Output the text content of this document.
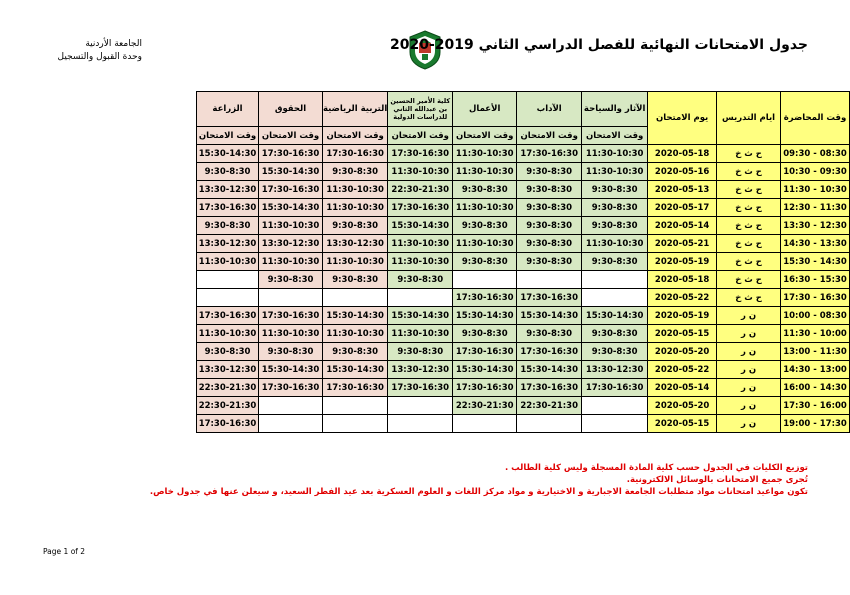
الجامعة الأردنية
وحدة القبول والتسجيل
جدول الامتحانات النهائية للفصل الدراسي الثاني 2019-2020
وقت المحاضرة	ايام التدريس	يوم الامتحان	الآثار والسياحة	الآداب	الأعمال	كلية الأمير الحسين بن عبدالله الثاني للدراسات الدولية	التربية الرياضية	الحقوق	الزراعة
			وقت الامتحان	وقت الامتحان	وقت الامتحان	وقت الامتحان	وقت الامتحان	وقت الامتحان	وقت الامتحان
08:30 - 09:30	ح ث خ	2020-05-18	11:30-10:30	17:30-16:30	11:30-10:30	17:30-16:30	17:30-16:30	17:30-16:30	15:30-14:30
09:30 - 10:30	ح ث خ	2020-05-16	11:30-10:30	9:30-8:30	11:30-10:30	11:30-10:30	9:30-8:30	15:30-14:30	9:30-8:30
10:30 - 11:30	ح ث خ	2020-05-13	9:30-8:30	9:30-8:30	9:30-8:30	22:30-21:30	11:30-10:30	17:30-16:30	13:30-12:30
11:30 - 12:30	ح ث خ	2020-05-17	9:30-8:30	9:30-8:30	11:30-10:30	17:30-16:30	11:30-10:30	15:30-14:30	17:30-16:30
12:30 - 13:30	ح ث خ	2020-05-14	9:30-8:30	9:30-8:30	9:30-8:30	15:30-14:30	9:30-8:30	11:30-10:30	9:30-8:30
13:30 - 14:30	ح ث خ	2020-05-21	11:30-10:30	9:30-8:30	11:30-10:30	11:30-10:30	13:30-12:30	13:30-12:30	13:30-12:30
14:30 - 15:30	ح ث خ	2020-05-19	9:30-8:30	9:30-8:30	9:30-8:30	11:30-10:30	11:30-10:30	11:30-10:30	11:30-10:30
15:30 - 16:30	ح ث خ	2020-05-18				9:30-8:30	9:30-8:30	9:30-8:30	
16:30 - 17:30	ح ث خ	2020-05-22		17:30-16:30	17:30-16:30				
08:30 - 10:00	ن ر	2020-05-19	15:30-14:30	15:30-14:30	15:30-14:30	15:30-14:30	15:30-14:30	17:30-16:30	17:30-16:30
10:00 - 11:30	ن ر	2020-05-15	9:30-8:30	9:30-8:30	9:30-8:30	11:30-10:30	11:30-10:30	11:30-10:30	11:30-10:30
11:30 - 13:00	ن ر	2020-05-20	9:30-8:30	17:30-16:30	17:30-16:30	9:30-8:30	9:30-8:30	9:30-8:30	9:30-8:30
13:00 - 14:30	ن ر	2020-05-22	13:30-12:30	15:30-14:30	15:30-14:30	13:30-12:30	15:30-14:30	15:30-14:30	13:30-12:30
14:30 - 16:00	ن ر	2020-05-14	17:30-16:30	17:30-16:30	17:30-16:30	17:30-16:30	17:30-16:30	17:30-16:30	22:30-21:30
16:00 - 17:30	ن ر	2020-05-20		22:30-21:30	22:30-21:30				22:30-21:30
17:30 - 19:00	ن ر	2020-05-15							17:30-16:30
توزيع الكليات في الجدول حسب كلية المادة المسجلة وليس كلية الطالب .
تُجرى جميع الامتحانات بالوسائل الالكترونية.
تكون مواعيد امتحانات مواد متطلبات الجامعة الاجبارية و الاختيارية و مواد مركز اللغات و العلوم العسكرية بعد عيد الفطر السعيد، و سيعلن عنها في جدول خاص.
Page 1 of 2
